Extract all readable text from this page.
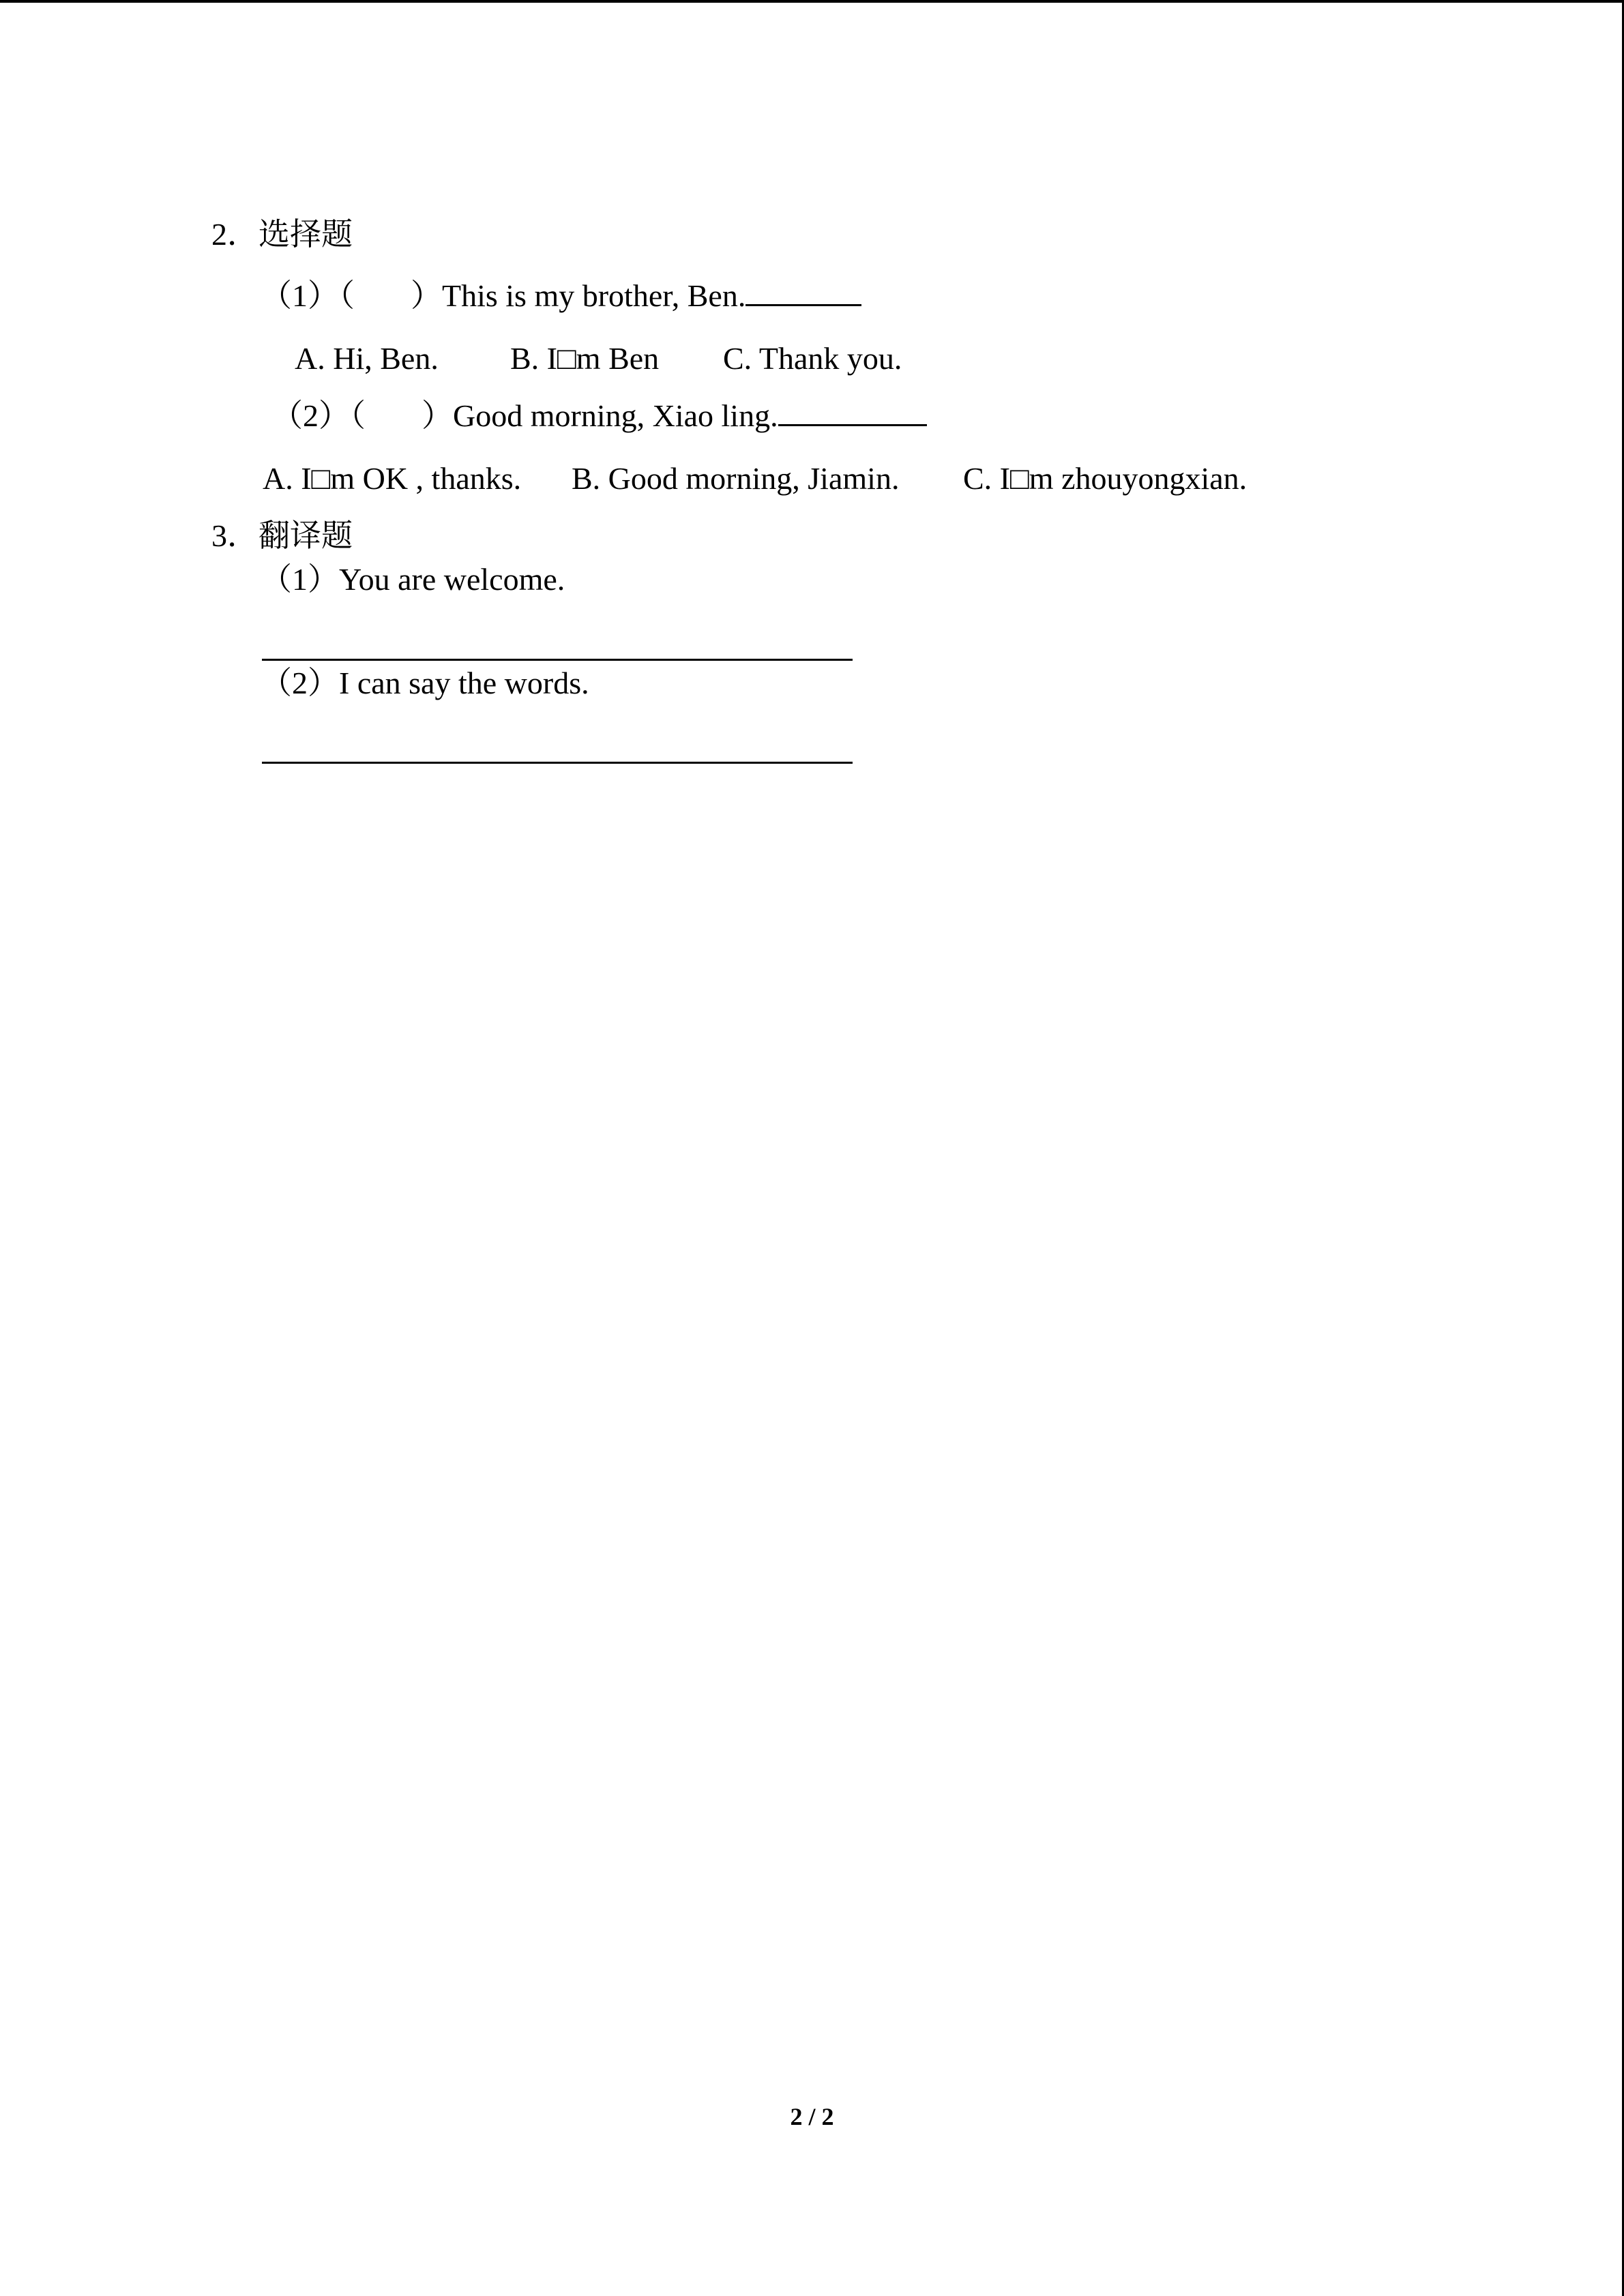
2．选择题
（1）（ ）This is my brother, Ben.
A. Hi, Ben. B. I□m Ben C. Thank you.
（2）（ ）Good morning, Xiao ling.
A. I□m OK , thanks. B. Good morning, Jiamin. C. I□m zhouyongxian.
3．翻译题
（1）You are welcome.
（2）I can say the words.
2 / 2
